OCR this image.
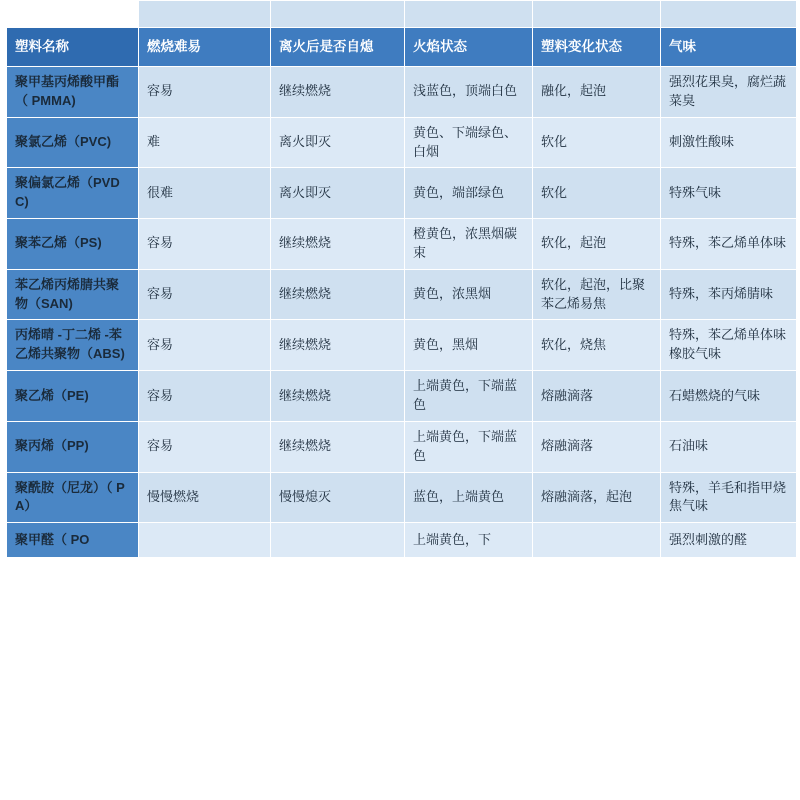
塑料名称	燃烧难易	离火后是否自熄	火焰状态	塑料变化状态	气味
聚甲基丙烯酸甲酯（ PMMA)	容易	继续燃烧	浅蓝色，顶端白色	融化，起泡	强烈花果臭，腐烂蔬菜臭
聚氯乙烯（PVC)	难	离火即灭	黄色、下端绿色、白烟	软化	刺激性酸味
聚偏氯乙烯（PVDC)	很难	离火即灭	黄色，端部绿色	软化	特殊气味
聚苯乙烯（PS)	容易	继续燃烧	橙黄色，浓黑烟碳束	软化，起泡	特殊，苯乙烯单体味
苯乙烯丙烯腈共聚物（SAN)	容易	继续燃烧	黄色，浓黑烟	软化，起泡，比聚苯乙烯易焦	特殊，苯丙烯腈味
丙烯晴 -丁二烯 -苯乙烯共聚物（ABS)	容易	继续燃烧	黄色，黑烟	软化，烧焦	特殊，苯乙烯单体味橡胶气味
聚乙烯（PE)	容易	继续燃烧	上端黄色，下端蓝色	熔融滴落	石蜡燃烧的气味
聚丙烯（PP)	容易	继续燃烧	上端黄色，下端蓝色	熔融滴落	石油味
聚酰胺（尼龙）（ PA）	慢慢燃烧	慢慢熄灭	蓝色，上端黄色	熔融滴落，起泡	特殊，羊毛和指甲烧焦气味
聚甲醛（ PO			上端黄色，下		强烈刺激的醛
